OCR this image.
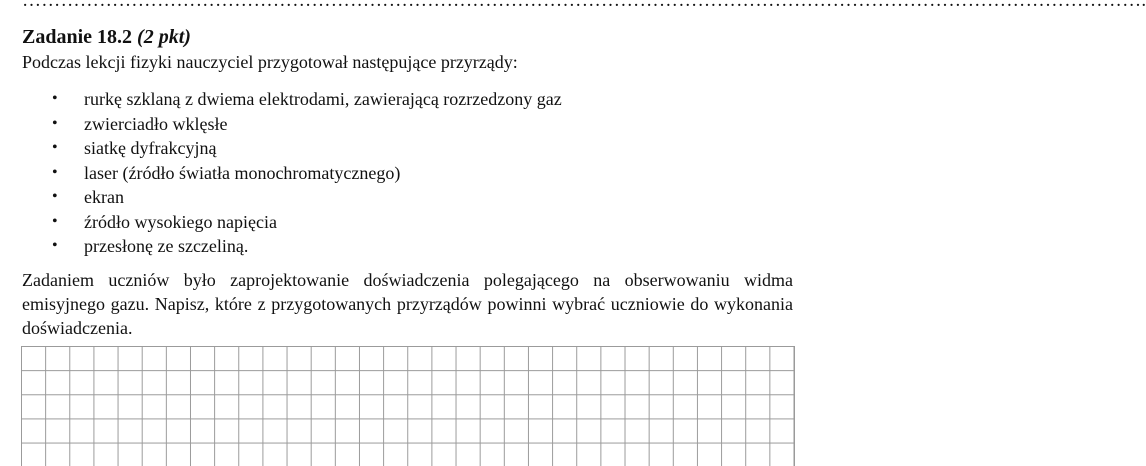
………………………………………………………………………………………………………………………………………………………….
Zadanie 18.2 (2 pkt)
Podczas lekcji fizyki nauczyciel przygotował następujące przyrządy:
• rurkę szklaną z dwiema elektrodami, zawierającą rozrzedzony gaz
• zwierciadło wklęsłe
• siatkę dyfrakcyjną
• laser (źródło światła monochromatycznego)
• ekran
• źródło wysokiego napięcia
• przesłonę ze szczeliną.
Zadaniem uczniów było zaprojektowanie doświadczenia polegającego na obserwowaniu widma emisyjnego gazu. Napisz, które z przygotowanych przyrządów powinni wybrać uczniowie do wykonania doświadczenia.
